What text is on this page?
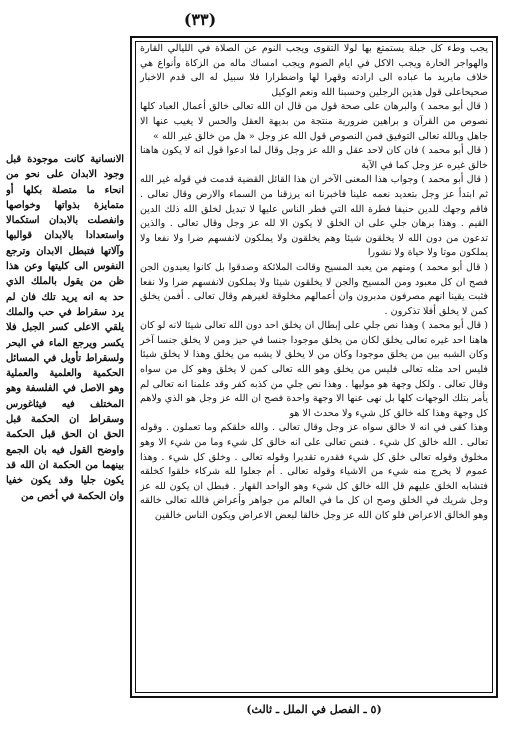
(٣٣)

يجب وطء كل جبلة يستمتع بها لولا التقوى ويجب النوم عن الصلاة في الليالي القارة والهواجر الحارة ويجب الاكل في ايام الصوم ويجب امساك ماله من الزكاة وأنواع هي خلاف مايريد ما عباده الى ارادته وقهرا لها واضطرارا فلا سبيل له الى قدم الاخبار صحيحاعلى قول هذين الرجلين وحسبنا الله ونعم الوكيل

( قال أبو محمد ) والبرهان على صحة قول من قال ان الله تعالى خالق أعمال العباد كلها نصوص من القرآن و براهين ضرورية منتجة من بديهة العقل والحس لا يغيب عنها الا جاهل وبالله تعالى التوفيق فمن النصوص قول الله عز وجل « هل من خالق غير الله »

( قال أبو محمد ) فان كان لاحد عقل و الله عز وجل وقال لما ادعوا قول انه لا يكون هاهنا خالق غيره عز وجل كما في الآية

( قال أبو محمد ) وجواب هذا المعنى الآخر ان هذا القائل القضية قدمت في قوله غير الله ثم ابتدأ عز وجل بتعديد نعمه علينا فاخبرنا انه يرزقنا من السماء والارض وقال تعالى . فاقم وجهك للدين حنيفا فطرة الله التي فطر الناس عليها لا تبديل لخلق الله ذلك الدين القيم . وهذا برهان جلي على ان الخلق لا يكون الا لله عز وجل وقال تعالى . والذين تدعون من دون الله لا يخلقون شيئا وهم يخلقون ولا يملكون لانفسهم ضرا ولا نفعا ولا يملكون موتا ولا حياة ولا نشورا

( قال أبو محمد ) ومنهم من يعبد المسيح وقالت الملائكة وصدقوا بل كانوا يعبدون الجن فصح ان كل معبود ومن المسيح والجن لا يخلقون شيئا ولا يملكون لانفسهم ضرا ولا نفعا فثبت يقينا انهم مصرفون مدبرون وان أعمالهم مخلوقة لغيرهم وقال تعالى . أفمن يخلق كمن لا يخلق أفلا تذكرون .

( قال أبو محمد ) وهذا نص جلي على إبطال ان يخلق احد دون الله تعالى شيئا لانه لو كان هاهنا احد غيره تعالى يخلق لكان من يخلق موجودا جنسا في حيز ومن لا يخلق جنسا آخر وكان الشبه بين من يخلق موجودا وكان من لا يخلق لا يشبه من يخلق وهذا لا يخلق شيئا فليس احد مثله تعالى فليس من يخلق وهو الله تعالى كمن لا يخلق وهو كل من سواه وقال تعالى . ولكل وجهة هو موليها . وهذا نص جلي من كذبه كفر وقد علمنا انه تعالى لم يأمر بتلك الوجهات كلها بل نهى عنها الا وجهة واحدة فصح ان الله عز وجل هو الذي ولاهم كل وجهة وهذا كله خالق كل شيء ولا محدث الا هو

وهذا كفى في انه لا خالق سواه عز وجل وقال تعالى . والله خلقكم وما تعملون . وقوله تعالى . الله خالق كل شيء . فنص تعالى على انه خالق كل شيء وما من شيء الا وهو مخلوق وقوله تعالى خلق كل شيء فقدره تقديرا وقوله تعالى . وخلق كل شيء . وهذا عموم لا يخرج منه شيء من الاشياء وقوله تعالى . أم جعلوا لله شركاء خلقوا كخلقه فتشابه الخلق عليهم قل الله خالق كل شيء وهو الواحد القهار . فبطل ان يكون لله عز وجل شريك في الخلق وصح ان كل ما في العالم من جواهر وأعراض فالله تعالى خالقه وهو الخالق الاعراض فلو كان الله عز وجل خالقا لبعض الاعراض ويكون الناس خالقين

الانسانية كانت موجودة قبل وجود الابدان على نحو من انحاء ما متصلة بكلها أو متمايزة بذواتها وخواصها وانفصلت بالابدان استكمالا واستعدادا بالابدان قوالبها وآلاتها فتبطل الابدان وترجع النفوس الى كليتها وعن هذا ظن من يقول بالملك الذي حد به انه يريد تلك فان لم يرد سقراط في حب والملك يلقي الاعلى كسر الجبل فلا يكسر ويرجع الماء في البحر ولسقراط تأويل في المسائل الحكمية والعلمية والعملية وهو الاصل في الفلسفة وهو المختلف فيه فيثاغورس وسقراط ان الحكمة قبل الحق ان الحق قبل الحكمة واوضح القول فيه بان الجمع بينهما من الحكمة ان الله قد يكون جليا وقد يكون خفيا وان الحكمة في أخص من

(٥ ـ الفصل في الملل ـ ثالث)
